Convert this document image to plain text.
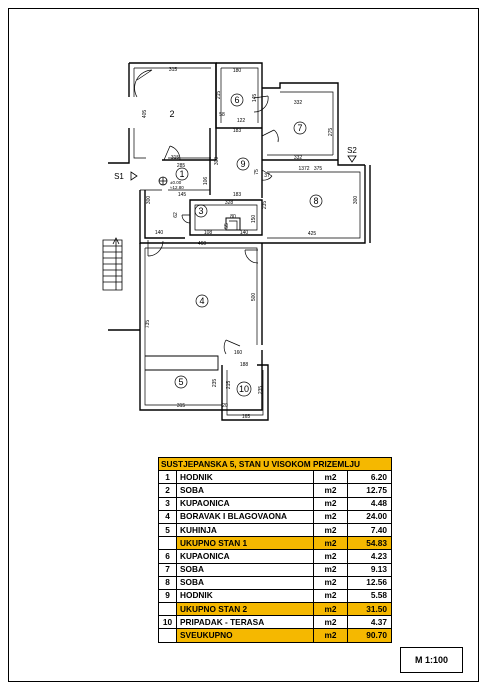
2
1
6
7
9
8
3
4
5
10
S1
S2
±0.00
≈12.80
315	180
215
405	58
122
145
183
332
275
315	300
285
332
1372 375
300
145	183
106
37
75
235
328
62	80	150
55
108	140
140
300
425
460
500
735
160
188
235 215
235
315	20
165
SUSTJEPANSKA 5, STAN U VISOKOM PRIZEMLJU			
1	HODNIK	m2	6.20
2	SOBA	m2	12.75
3	KUPAONICA	m2	4.48
4	BORAVAK I BLAGOVAONA	m2	24.00
5	KUHINJA	m2	7.40
	UKUPNO STAN 1	m2	54.83
6	KUPAONICA	m2	4.23
7	SOBA	m2	9.13
8	SOBA	m2	12.56
9	HODNIK	m2	5.58
	UKUPNO STAN 2	m2	31.50
10	PRIPADAK - TERASA	m2	4.37
	SVEUKUPNO	m2	90.70
M 1:100
